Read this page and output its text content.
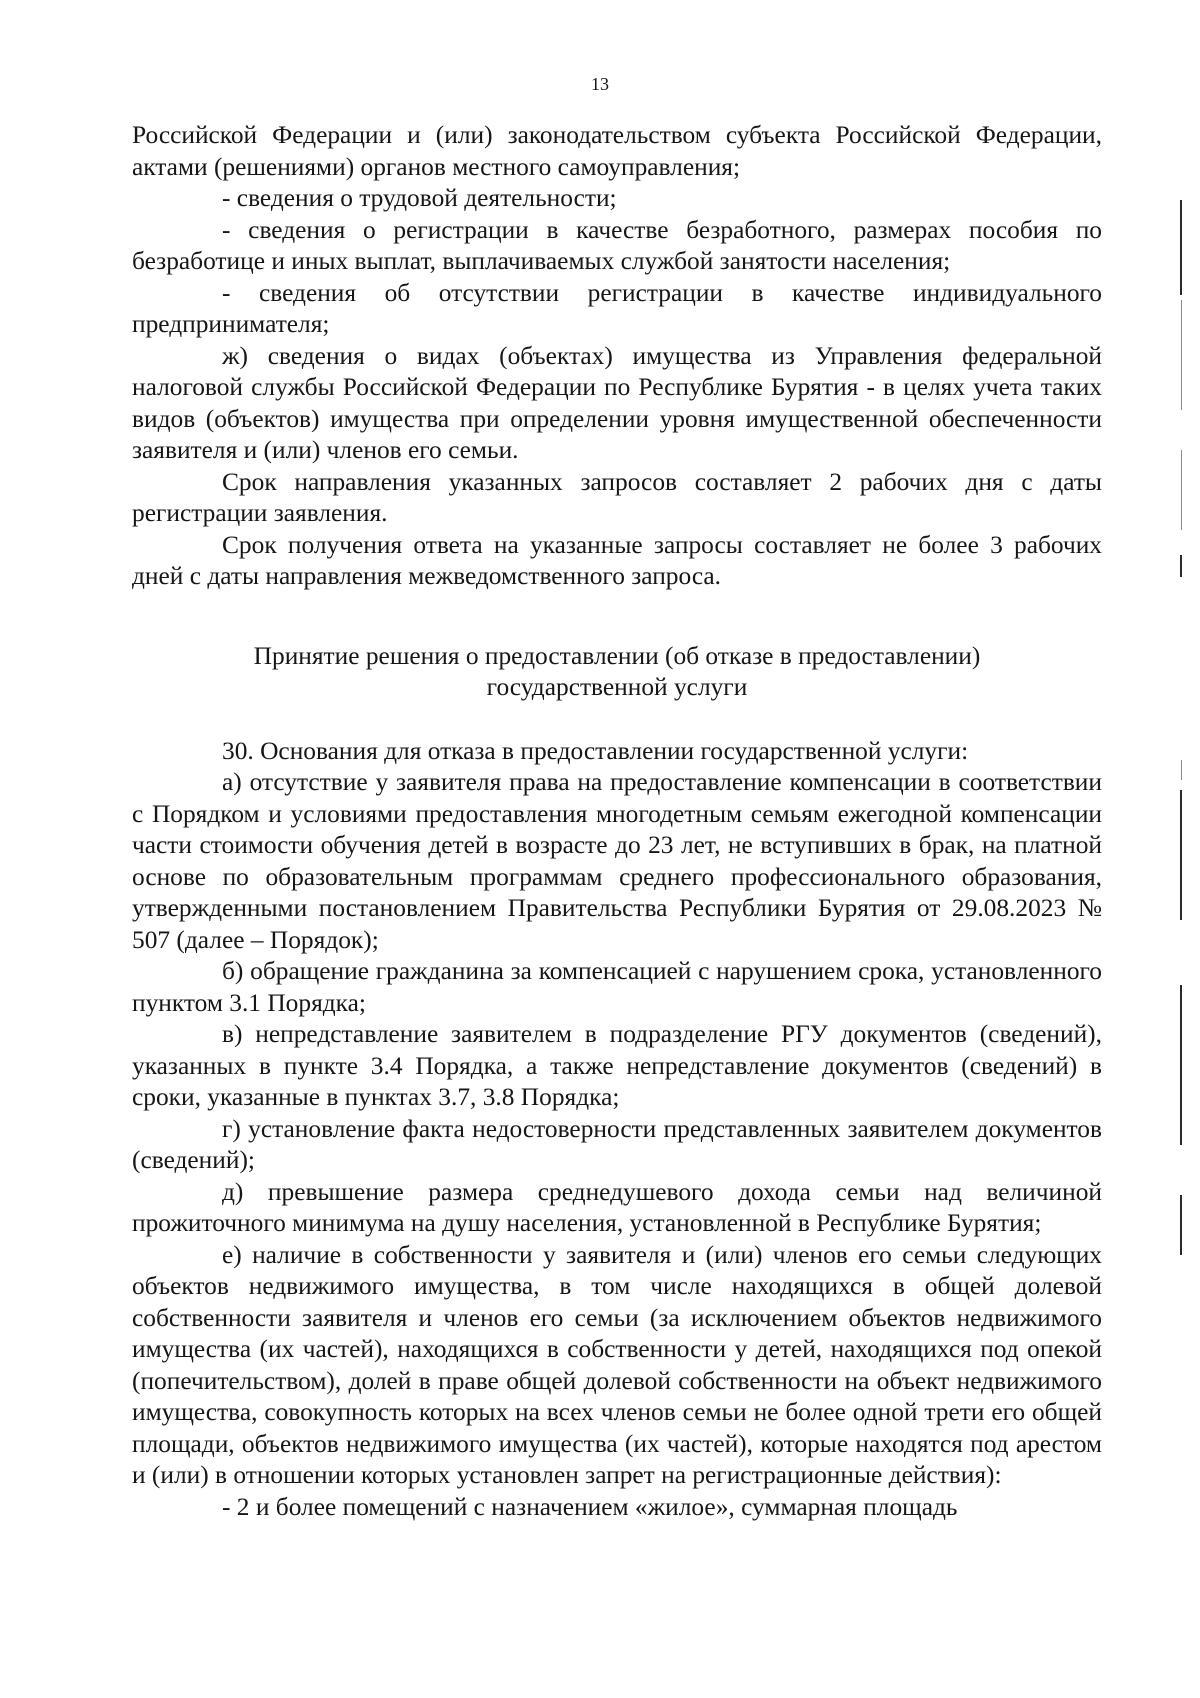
13

Российской Федерации и (или) законодательством субъекта Российской Федерации, актами (решениями) органов местного самоуправления;

- сведения о трудовой деятельности;

- сведения о регистрации в качестве безработного, размерах пособия по безработице и иных выплат, выплачиваемых службой занятости населения;

- сведения об отсутствии регистрации в качестве индивидуального предпринимателя;

ж) сведения о видах (объектах) имущества из Управления федеральной налоговой службы Российской Федерации по Республике Бурятия - в целях учета таких видов (объектов) имущества при определении уровня имущественной обеспеченности заявителя и (или) членов его семьи.

Срок направления указанных запросов составляет 2 рабочих дня с даты регистрации заявления.

Срок получения ответа на указанные запросы составляет не более 3 рабочих дней с даты направления межведомственного запроса.

Принятие решения о предоставлении (об отказе в предоставлении)
государственной услуги

30. Основания для отказа в предоставлении государственной услуги:

а) отсутствие у заявителя права на предоставление компенсации в соответствии с Порядком и условиями предоставления многодетным семьям ежегодной компенсации части стоимости обучения детей в возрасте до 23 лет, не вступивших в брак, на платной основе по образовательным программам среднего профессионального образования, утвержденными постановлением Правительства Республики Бурятия от 29.08.2023 № 507 (далее – Порядок);

б) обращение гражданина за компенсацией с нарушением срока, установленного пунктом 3.1 Порядка;

в) непредставление заявителем в подразделение РГУ документов (сведений), указанных в пункте 3.4 Порядка, а также непредставление документов (сведений) в сроки, указанные в пунктах 3.7, 3.8 Порядка;

г) установление факта недостоверности представленных заявителем документов (сведений);

д) превышение размера среднедушевого дохода семьи над величиной прожиточного минимума на душу населения, установленной в Республике Бурятия;

е) наличие в собственности у заявителя и (или) членов его семьи следующих объектов недвижимого имущества, в том числе находящихся в общей долевой собственности заявителя и членов его семьи (за исключением объектов недвижимого имущества (их частей), находящихся в собственности у детей, находящихся под опекой (попечительством), долей в праве общей долевой собственности на объект недвижимого имущества, совокупность которых на всех членов семьи не более одной трети его общей площади, объектов недвижимого имущества (их частей), которые находятся под арестом и (или) в отношении которых установлен запрет на регистрационные действия):

- 2 и более помещений с назначением «жилое», суммарная площадь
